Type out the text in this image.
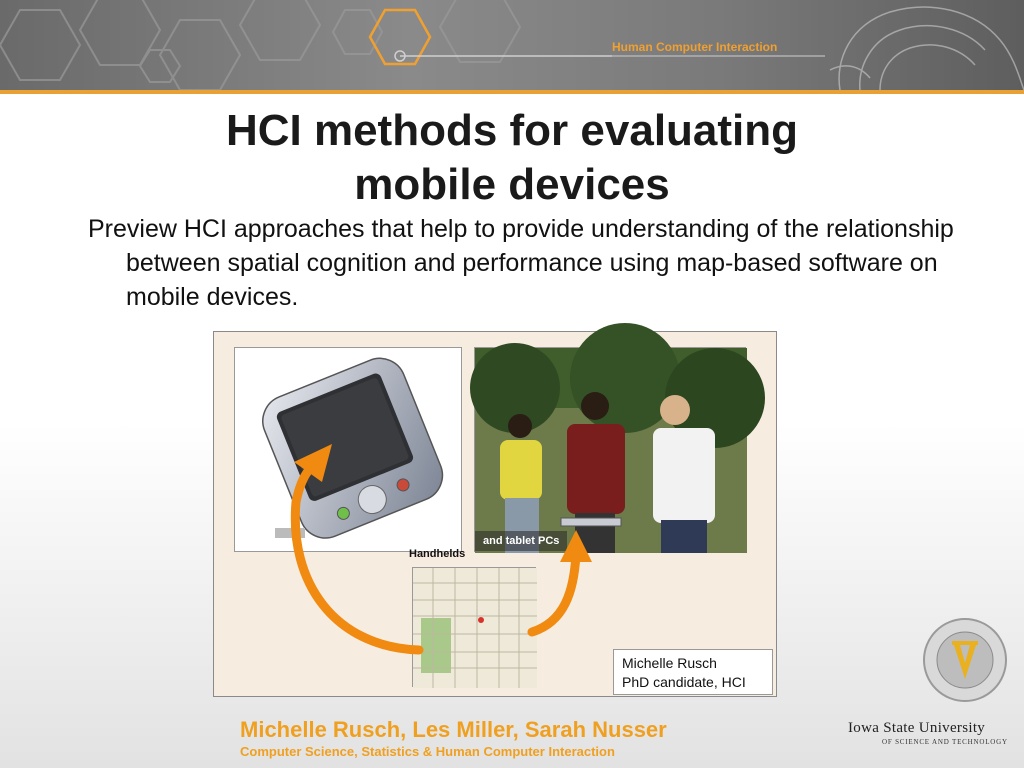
Human Computer Interaction
HCI methods for evaluating
mobile devices
Preview HCI approaches that help to provide understanding of the relationship between spatial cognition and performance using map-based software on mobile devices.
Handhelds
and tablet PCs
Michelle Rusch
PhD candidate, HCI
Michelle Rusch, Les Miller, Sarah Nusser
Computer Science, Statistics & Human Computer Interaction
Iowa State University
OF SCIENCE AND TECHNOLOGY
